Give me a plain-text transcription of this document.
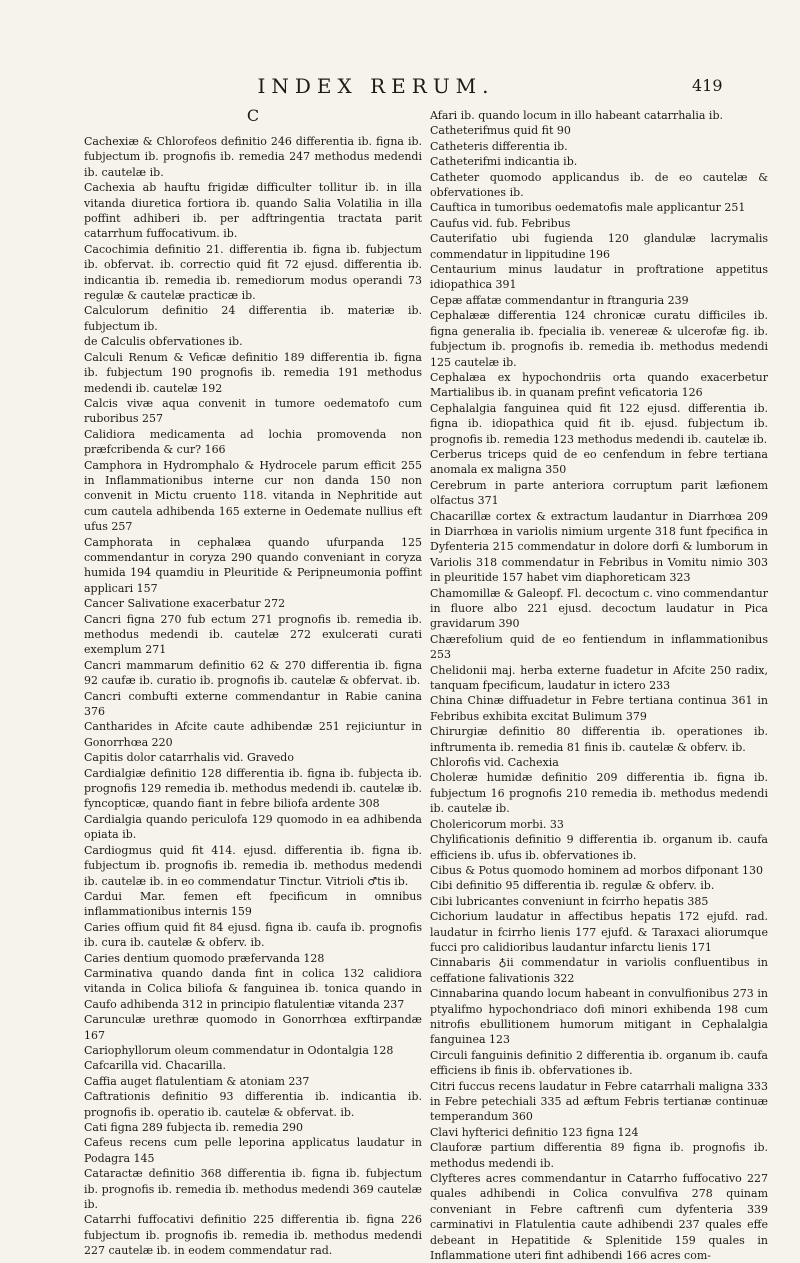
INDEX RERUM.	419
C

Cachexiæ & Chlorofeos definitio 246 differentia ib. figna ib. fubjectum ib. prognofis ib. remedia 247 methodus medendi ib. cautelæ ib.

Cachexia ab hauftu frigidæ difficulter tollitur ib. in illa vitanda diuretica fortiora ib. quando Salia Volatilia in illa poffint adhiberi ib. per adftringentia tractata parit catarrhum fuffocativum. ib.

Cacochimia definitio 21. differentia ib. figna ib. fubjectum ib. obfervat. ib. correctio quid fit 72 ejusd. differentia ib. indicantia ib. remedia ib. remediorum modus operandi 73 regulæ & cautelæ practicæ ib.

Calculorum definitio 24 differentia ib. materiæ ib. fubjectum ib.

de Calculis obfervationes ib.

Calculi Renum & Veficæ definitio 189 differentia ib. figna ib. fubjectum 190 prognofis ib. remedia 191 methodus medendi ib. cautelæ 192

Calcis vivæ aqua convenit in tumore oedematofo cum ruboribus 257

Calidiora medicamenta ad lochia promovenda non præfcribenda & cur? 166

Camphora in Hydromphalo & Hydrocele parum efficit 255 in Inflammationibus interne cur non danda 150 non convenit in Mictu cruento 118. vitanda in Nephritide aut cum cautela adhibenda 165 externe in Oedemate nullius eft ufus 257

Camphorata in cephalæa quando ufurpanda 125 commendantur in coryza 290 quando conveniant in coryza humida 194 quamdiu in Pleuritide & Peripneumonia poffint applicari 157

Cancer Salivatione exacerbatur 272

Cancri figna 270 fub ectum 271 prognofis ib. remedia ib. methodus medendi ib. cautelæ 272 exulcerati curati exemplum 271

Cancri mammarum definitio 62 & 270 differentia ib. figna 92 caufæ ib. curatio ib. prognofis ib. cautelæ & obfervat. ib.

Cancri combufti externe commendantur in Rabie canina 376

Cantharides in Afcite caute adhibendæ 251 rejiciuntur in Gonorrhœa 220

Capitis dolor catarrhalis vid. Gravedo

Cardialgiæ definitio 128 differentia ib. figna ib. fubjecta ib. prognofis 129 remedia ib. methodus medendi ib. cautelæ ib. fyncopticæ, quando fiant in febre biliofa ardente 308

Cardialgia quando periculofa 129 quomodo in ea adhibenda opiata ib.

Cardiogmus quid fit 414. ejusd. differentia ib. figna ib. fubjectum ib. prognofis ib. remedia ib. methodus medendi ib. cautelæ ib. in eo commendatur Tinctur. Vitrioli ♂tis ib.

Cardui Mar. femen eft fpecificum in omnibus inflammationibus internis 159

Caries offium quid fit 84 ejusd. figna ib. caufa ib. prognofis ib. cura ib. cautelæ & obferv. ib.

Caries dentium quomodo præfervanda 128

Carminativa quando danda fint in colica 132 calidiora vitanda in Colica biliofa & fanguinea ib. tonica quando in Caufo adhibenda 312 in principio flatulentiæ vitanda 237

Carunculæ urethræ quomodo in Gonorrhœa exftirpandæ 167

Cariophyllorum oleum commendatur in Odontalgia 128

Cafcarilla vid. Chacarilla.

Caffia auget flatulentiam & atoniam 237

Caftrationis definitio 93 differentia ib. indicantia ib. prognofis ib. operatio ib. cautelæ & obfervat. ib.

Cati figna 289 fubjecta ib. remedia 290

Cafeus recens cum pelle leporina applicatus laudatur in Podagra 145

Cataractæ definitio 368 differentia ib. figna ib. fubjectum ib. prognofis ib. remedia ib. methodus medendi 369 cautelæ ib.

Catarrhi fuffocativi definitio 225 differentia ib. figna 226 fubjectum ib. prognofis ib. remedia ib. methodus medendi 227 cautelæ ib. in eodem commendatur rad.

Afari ib. quando locum in illo habeant catarrhalia ib.

Catheterifmus quid fit 90

Catheteris differentia ib.

Catheterifmi indicantia ib.

Catheter quomodo applicandus ib. de eo cautelæ & obfervationes ib.

Cauftica in tumoribus oedematofis male applicantur 251

Caufus vid. fub. Febribus

Cauterifatio ubi fugienda 120 glandulæ lacrymalis commendatur in lippitudine 196

Centaurium minus laudatur in proftratione appetitus idiopathica 391

Cepæ affatæ commendantur in ftranguria 239

Cephalææ differentia 124 chronicæ curatu difficiles ib. figna generalia ib. fpecialia ib. venereæ & ulcerofæ fig. ib. fubjectum ib. prognofis ib. remedia ib. methodus medendi 125 cautelæ ib.

Cephalæa ex hypochondriis orta quando exacerbetur Martialibus ib. in quanam prefint veficatoria 126

Cephalalgia fanguinea quid fit 122 ejusd. differentia ib. figna ib. idiopathica quid fit ib. ejusd. fubjectum ib. prognofis ib. remedia 123 methodus medendi ib. cautelæ ib.

Cerberus triceps quid de eo cenfendum in febre tertiana anomala ex maligna 350

Cerebrum in parte anteriora corruptum parit læfionem olfactus 371

Chacarillæ cortex & extractum laudantur in Diarrhœa 209 in Diarrhœa in variolis nimium urgente 318 funt fpecifica in Dyfenteria 215 commendatur in dolore dorfi & lumborum in Variolis 318 commendatur in Febribus in Vomitu nimio 303 in pleuritide 157 habet vim diaphoreticam 323

Chamomillæ & Galeopf. Fl. decoctum c. vino commendantur in fluore albo 221 ejusd. decoctum laudatur in Pica gravidarum 390

Chærefolium quid de eo fentiendum in inflammationibus 253

Chelidonii maj. herba externe fuadetur in Afcite 250 radix, tanquam fpecificum, laudatur in ictero 233

China Chinæ diffuadetur in Febre tertiana continua 361 in Febribus exhibita excitat Bulimum 379

Chirurgiæ definitio 80 differentia ib. operationes ib. inftrumenta ib. remedia 81 finis ib. cautelæ & obferv. ib.

Chlorofis vid. Cachexia

Choleræ humidæ definitio 209 differentia ib. figna ib. fubjectum 16 prognofis 210 remedia ib. methodus medendi ib. cautelæ ib.

Cholericorum morbi. 33

Chylificationis definitio 9 differentia ib. organum ib. caufa efficiens ib. ufus ib. obfervationes ib.

Cibus & Potus quomodo hominem ad morbos difponant 130

Cibi definitio 95 differentia ib. regulæ & obferv. ib.

Cibi lubricantes conveniunt in fcirrho hepatis 385

Cichorium laudatur in affectibus hepatis 172 ejufd. rad. laudatur in fcirrho lienis 177 ejufd. & Taraxaci aliorumque fucci pro calidioribus laudantur infarctu lienis 171

Cinnabaris ♁ii commendatur in variolis confluentibus in ceffatione falivationis 322

Cinnabarina quando locum habeant in convulfionibus 273 in ptyalifmo hypochondriaco dofi minori exhibenda 198 cum nitrofis ebullitionem humorum mitigant in Cephalalgia fanguinea 123

Circuli fanguinis definitio 2 differentia ib. organum ib. caufa efficiens ib finis ib. obfervationes ib.

Citri fuccus recens laudatur in Febre catarrhali maligna 333 in Febre petechiali 335 ad æftum Febris tertianæ continuæ temperandum 360

Clavi hyfterici definitio 123 figna 124

Clauforæ partium differentia 89 figna ib. prognofis ib. methodus medendi ib.

Clyfteres acres commendantur in Catarrho fuffocativo 227 quales adhibendi in Colica convulfiva 278 quinam conveniant in Febre caftrenfi cum dyfenteria 339 carminativi in Flatulentia caute adhibendi 237 quales effe debeant in Hepatitide & Splenitide 159 quales in Inflammatione uteri fint adhibendi 166 acres com-
